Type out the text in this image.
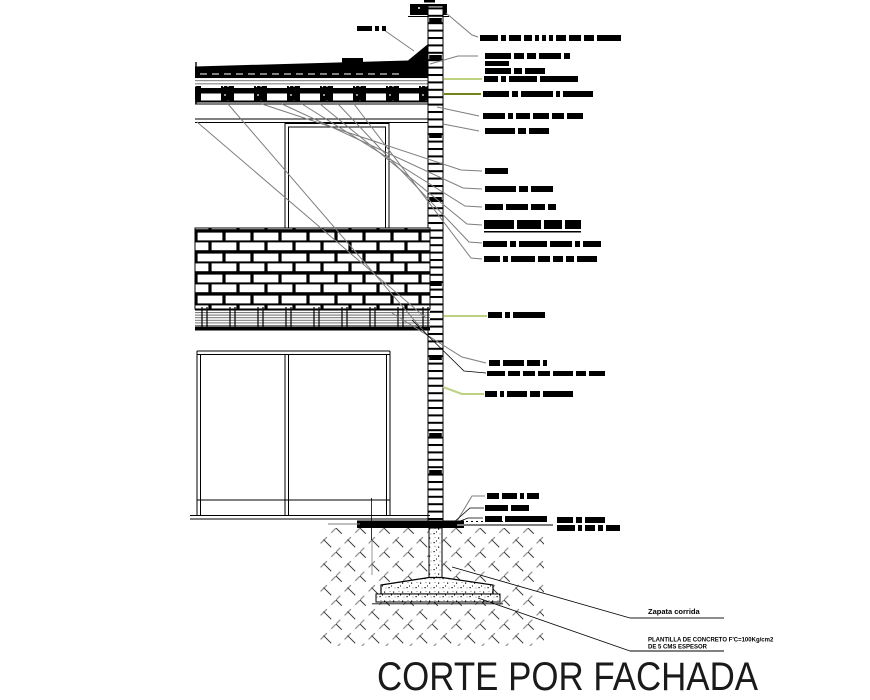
Zapata corrida
PLANTILLA DE CONCRETO F'C=100Kg/cm2
DE 5 CMS ESPESOR
CORTE POR FACHADA
